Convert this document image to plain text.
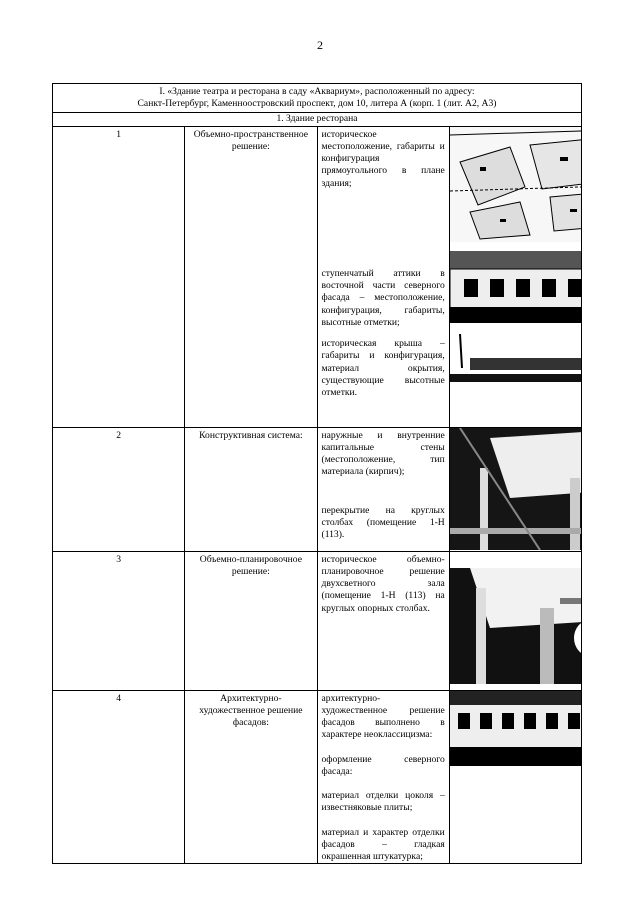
2
I. «Здание театра и ресторана в саду «Аквариум», расположенный по адресу:
Санкт-Петербург, Каменноостровский проспект, дом 10, литера А (корп. 1 (лит. А2, А3)			

1. Здание ресторана			
1	Объемно-пространственное решение:	историческое местоположение, габариты и конфигурация прямоугольного в плане здания;

ступенчатый аттики в восточной части северного фасада – местоположение, конфигурация, габариты, высотные отметки;

историческая крыша – габариты и конфигурация, материал окрытия, существующие высотные отметки.

2	Конструктивная система:	наружные и внутренние капитальные стены (местоположение, тип материала (кирпич);

перекрытие на круглых столбах (помещение 1-Н (113).

3	Объемно-планировочное решение:	историческое объемно-планировочное решение двухсветного зала (помещение 1-Н (113) на круглых опорных столбах.

4	Архитектурно-художественное решение фасадов:	архитектурно-художественное решение фасадов выполнено в характере неоклассицизма:

оформление северного фасада:

материал отделки цоколя – известняковые плиты;

материал и характер отделки фасадов – гладкая окрашенная штукатурка;
